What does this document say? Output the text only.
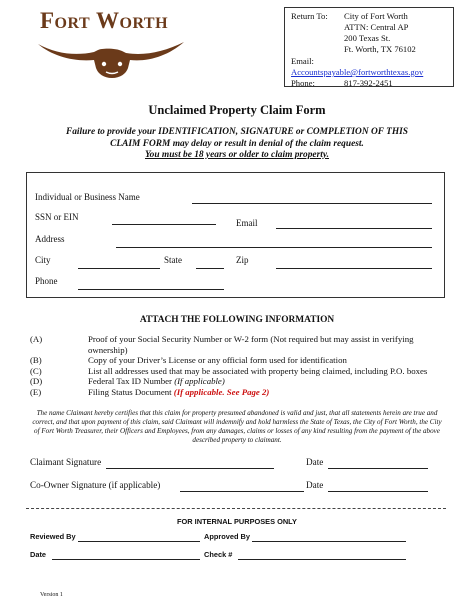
Fort Worth	Return To: City of Fort Worth
ATTN: Central AP
200 Texas St.
Ft. Worth, TX 76102
Email:
Accountspayable@fortworthtexas.gov
Phone:	817-392-2451
Unclaimed Property Claim Form
Failure to provide your IDENTIFICATION, SIGNATURE or COMPLETION OF THIS
CLAIM FORM may delay or result in denial of the claim request.
You must be 18 years or older to claim property.
Individual or Business Name
SSN or EIN
Email
Address
City	State	Zip
Phone
ATTACH THE FOLLOWING INFORMATION
(A)	Proof of your Social Security Number or W-2 form (Not required but may assist in verifying ownership)
(B)	Copy of your Driver’s License or any official form used for identification
(C)	List all addresses used that may be associated with property being claimed, including P.O. boxes
(D)	Federal Tax ID Number (If applicable)
(E)	Filing Status Document (If applicable. See Page 2)
The name Claimant hereby certifies that this claim for property presumed abandoned is valid and just, that all statements herein are true and correct, and that upon payment of this claim, said Claimant will indemnify and hold harmless the State of Texas, the City of Fort Worth, the City of Fort Worth Treasurer, their Officers and Employees, from any damages, claims or losses of any kind resulting from the payment of the above described property to claimant.
Claimant Signature	Date
Co-Owner Signature (if applicable)	Date
FOR INTERNAL PURPOSES ONLY
Reviewed By	Approved By
Date	Check #
Version 1
